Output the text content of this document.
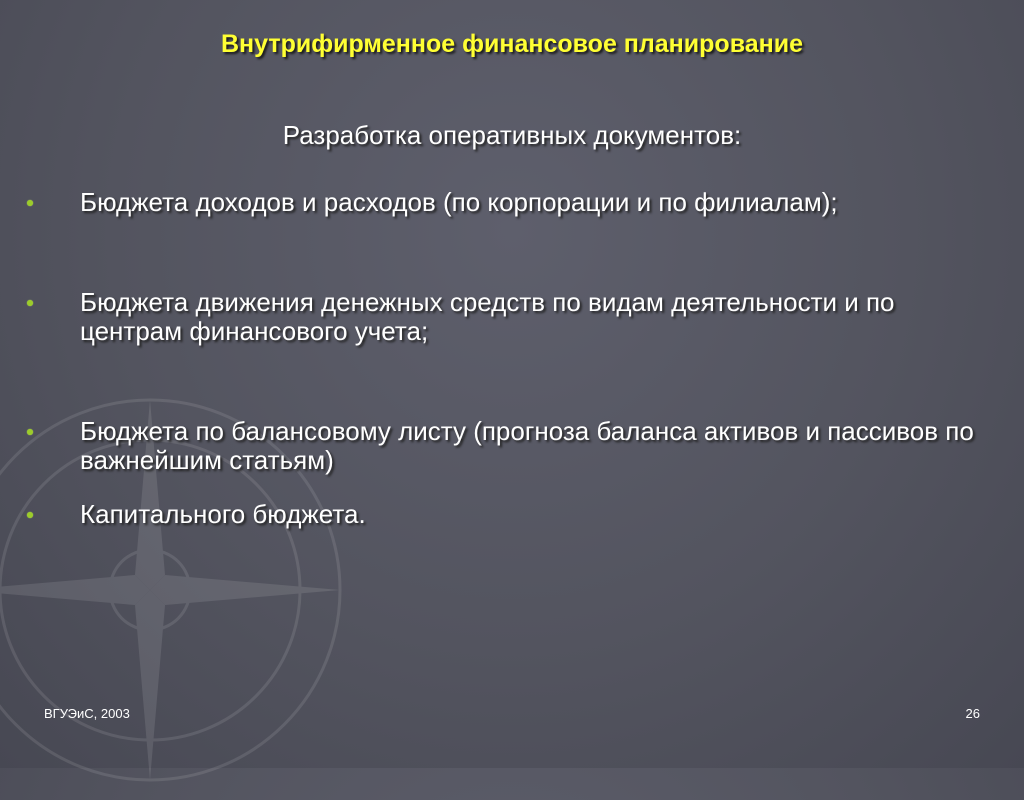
Внутрифирменное финансовое планирование
Разработка оперативных документов:
Бюджета доходов и расходов (по корпорации и по филиалам);
Бюджета движения денежных средств по видам деятельности и по центрам финансового учета;
Бюджета по балансовому листу (прогноза баланса активов и пассивов по важнейшим статьям)
Капитального бюджета.
ВГУЭиС, 2003	26
